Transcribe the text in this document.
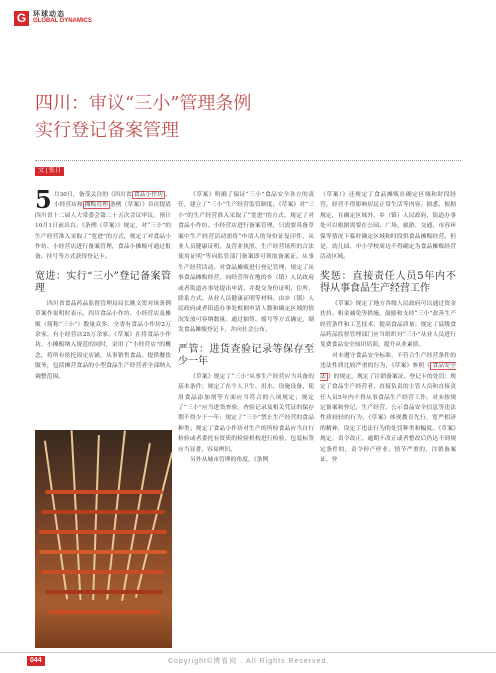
G 环球动态
GLOBAL DYNAMICS
四川：审议“三小”管理条例
实行登记备案管理
文 | 张日

5 月30日，备受关注的《四川省 食品小作坊 、小经营店和 摊贩管理 条例（草案）》首次提请四川省十二届人大常委会第二十五次会议审议。预计10月1日前出台。《条例（草案）》规定，对“三小”的生产经营准入采取了“宽进”的方式，规定了对食品小作坊、小经营店进行备案管理，食品小摊贩可通过报备、挂号等方式获得登记卡。

宽进：实行“三小”登记备案管理

四川省食品药品监督管理局局长姚文贺对该条例草案作说明时表示，四川食品小作坊、小经营店及摊贩（简称“三小”）数量众多，全省有食品小作坊2万余家，有小经营店25万余家。《草案》在将食品小作坊、小摊贩纳入规范的同时，采用了“小经营店”的概念，将所有依托固定店铺，从事销售食品、提供餐饮服务，包括摊营食品的小型食品生产经营者全部纳入调整范围。

《草案》明确了保证“三小”食品安全各方的责任，建立了“三小”生产经营监管制度。《草案》对“三小”的生产经营准入采取了“宽进”的方式，规定了对食品小作坊、小经营店进行备案管理，只需要具备草案中生产经营活动需将“申请人的身份证复印件、从业人员健康证明，及营业执照、生产经营场所的合法使用证明”等向监管部门备案即可领取备案证。从事生产经营活动。对食品摊贩进行登记管理，规定了从事食品摊贩经营，向经营所在地的乡（镇）人民政府或者街道办事处提出申请，并提交身份证明、住所、联系方式、从业人员健康证明等材料。由乡（镇）人民政府或者街道办事处根据申请人数和确定区域的情况发放可容纳数量。通过抽签、摇号等方式确定，制发食品摊贩登记卡，并向社会公布。

严管：进货查验记录等保存至少一年

《草案》规定了“三小”从事生产经营应当具备的基本条件；规定了在个人卫生、用水、设施设备、使用食品添加剂等方面应当符合的八项规定；规定了“三小”应当进货查验，查验记录及相关凭证的保存期不得少于一年；规定了“三小”禁止生产经营的食品种类；规定了食品小作坊对生产的所检食品应当自行检验或者委托有资质的检验机构进行检验，包装标签应当显著、容易辨识。

另外从城市管理的角度，《条例

（草案）》还规定了食品摊贩在确定区域和时段经营。经营不得影响居民正常生活等内容。据悉，根据规定，在确定区域外，乡（镇）人民政府、街道办事处可以根据需要在公园、广场、旅游、交通、市容环保等情况下临时确定区域和时段供食品摊贩经营。但是，幼儿园、中小学校周边不得确定为食品摊贩经营活动区域。

奖惩：直接责任人员5年内不得从事食品生产经营工作

《草案》规定了地方各级人民政府可以通过资金扶持、租金减免等措施，鼓励和支持“三小”改善生产经营条件和工艺技术，提高食品质量；规定了县级食品药品监督管理部门应当组织对“三小”从业人员进行免费食品安全知识培训，提升从业素质。

对未遵守食品安全标准，不符合生产经营条件的违法性质比较严重的行为，《草案》参照《 食品安全法 》的规定，规定了注销备案证、登记卡的处罚；规定了食品生产经营者、直接负责的主管人员和直接责任人员5年内不得从事食品生产经营工作。对未按规定备案和登记、生产经营、公示食品安全信息等违法性质较轻的行为，《草案》体现教育先行，宽严相济的精神，设定了违法行为的处罚种类和幅度。《草案》规定，责令改正，逾期不改正或者整改后仍达不到规定条件的，责令停产停业；情节严重的，注销备案证、登

044	Copyright©博看网 . All Rights Reserved.
